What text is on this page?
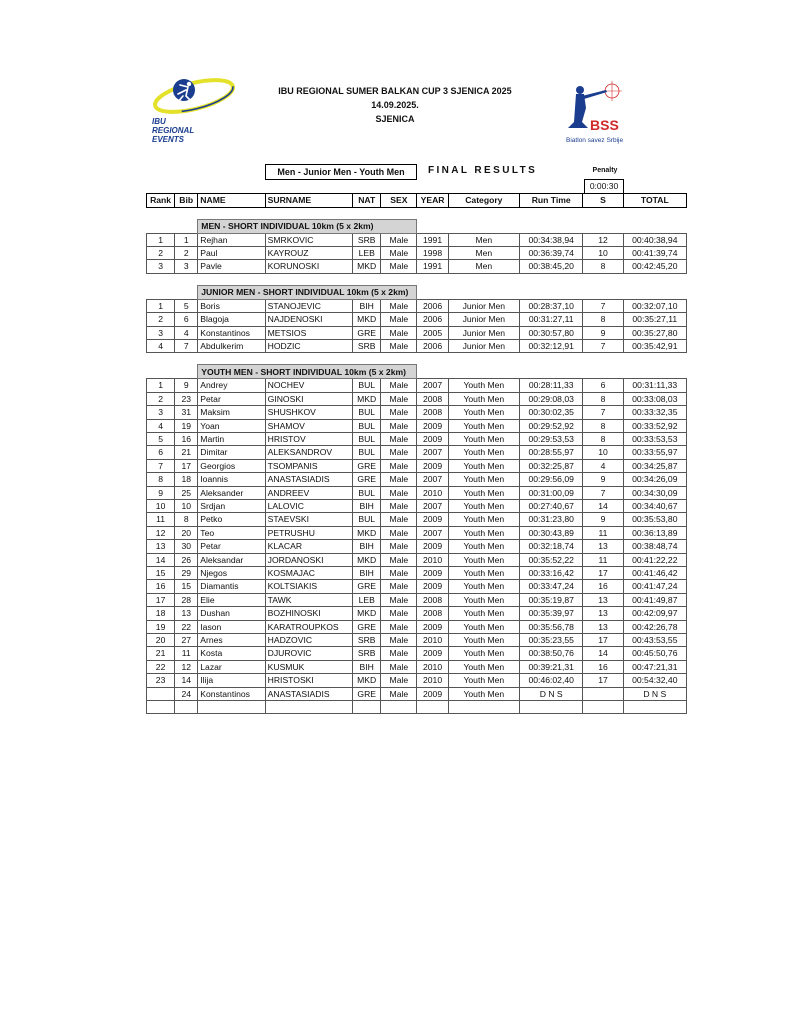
IBU
REGIONAL
EVENTS
IBU REGIONAL SUMER BALKAN CUP 3 SJENICA 2025
14.09.2025.
SJENICA	BSS
Biatlon savez Srbije
Men - Junior Men - Youth Men	FINAL RESULTS	Penalty
0:00:30
Rank	Bib	NAME	SURNAME	NAT	SEX	YEAR	Category	Run Time	S	TOTAL

		MEN - SHORT INDIVIDUAL 10km (5 x 2km)								
1	1	Rejhan	SMRKOVIC	SRB	Male	1991	Men	00:34:38,94	12	00:40:38,94
2	2	Paul	KAYROUZ	LEB	Male	1998	Men	00:36:39,74	10	00:41:39,74
3	3	Pavle	KORUNOSKI	MKD	Male	1991	Men	00:38:45,20	8	00:42:45,20

		JUNIOR MEN - SHORT INDIVIDUAL 10km (5 x 2km)								
1	5	Boris	STANOJEVIC	BIH	Male	2006	Junior Men	00:28:37,10	7	00:32:07,10
2	6	Blagoja	NAJDENOSKI	MKD	Male	2006	Junior Men	00:31:27,11	8	00:35:27,11
3	4	Konstantinos	METSIOS	GRE	Male	2005	Junior Men	00:30:57,80	9	00:35:27,80
4	7	Abdulkerim	HODZIC	SRB	Male	2006	Junior Men	00:32:12,91	7	00:35:42,91

		YOUTH MEN - SHORT INDIVIDUAL 10km (5 x 2km)								
1	9	Andrey	NOCHEV	BUL	Male	2007	Youth Men	00:28:11,33	6	00:31:11,33
2	23	Petar	GINOSKI	MKD	Male	2008	Youth Men	00:29:08,03	8	00:33:08,03
3	31	Maksim	SHUSHKOV	BUL	Male	2008	Youth Men	00:30:02,35	7	00:33:32,35
4	19	Yoan	SHAMOV	BUL	Male	2009	Youth Men	00:29:52,92	8	00:33:52,92
5	16	Martin	HRISTOV	BUL	Male	2009	Youth Men	00:29:53,53	8	00:33:53,53
6	21	Dimitar	ALEKSANDROV	BUL	Male	2007	Youth Men	00:28:55,97	10	00:33:55,97
7	17	Georgios	TSOMPANIS	GRE	Male	2009	Youth Men	00:32:25,87	4	00:34:25,87
8	18	Ioannis	ANASTASIADIS	GRE	Male	2007	Youth Men	00:29:56,09	9	00:34:26,09
9	25	Aleksander	ANDREEV	BUL	Male	2010	Youth Men	00:31:00,09	7	00:34:30,09
10	10	Srdjan	LALOVIC	BIH	Male	2007	Youth Men	00:27:40,67	14	00:34:40,67
11	8	Petko	STAEVSKI	BUL	Male	2009	Youth Men	00:31:23,80	9	00:35:53,80
12	20	Teo	PETRUSHU	MKD	Male	2007	Youth Men	00:30:43,89	11	00:36:13,89
13	30	Petar	KLACAR	BIH	Male	2009	Youth Men	00:32:18,74	13	00:38:48,74
14	26	Aleksandar	JORDANOSKI	MKD	Male	2010	Youth Men	00:35:52,22	11	00:41:22,22
15	29	Njegos	KOSMAJAC	BIH	Male	2009	Youth Men	00:33:16,42	17	00:41:46,42
16	15	Diamantis	KOLTSIAKIS	GRE	Male	2009	Youth Men	00:33:47,24	16	00:41:47,24
17	28	Elie	TAWK	LEB	Male	2008	Youth Men	00:35:19,87	13	00:41:49,87
18	13	Dushan	BOZHINOSKI	MKD	Male	2008	Youth Men	00:35:39,97	13	00:42:09,97
19	22	Iason	KARATROUPKOS	GRE	Male	2009	Youth Men	00:35:56,78	13	00:42:26,78
20	27	Arnes	HADZOVIC	SRB	Male	2010	Youth Men	00:35:23,55	17	00:43:53,55
21	11	Kosta	DJUROVIC	SRB	Male	2009	Youth Men	00:38:50,76	14	00:45:50,76
22	12	Lazar	KUSMUK	BIH	Male	2010	Youth Men	00:39:21,31	16	00:47:21,31
23	14	Ilija	HRISTOSKI	MKD	Male	2010	Youth Men	00:46:02,40	17	00:54:32,40
	24	Konstantinos	ANASTASIADIS	GRE	Male	2009	Youth Men	D N S		D N S
